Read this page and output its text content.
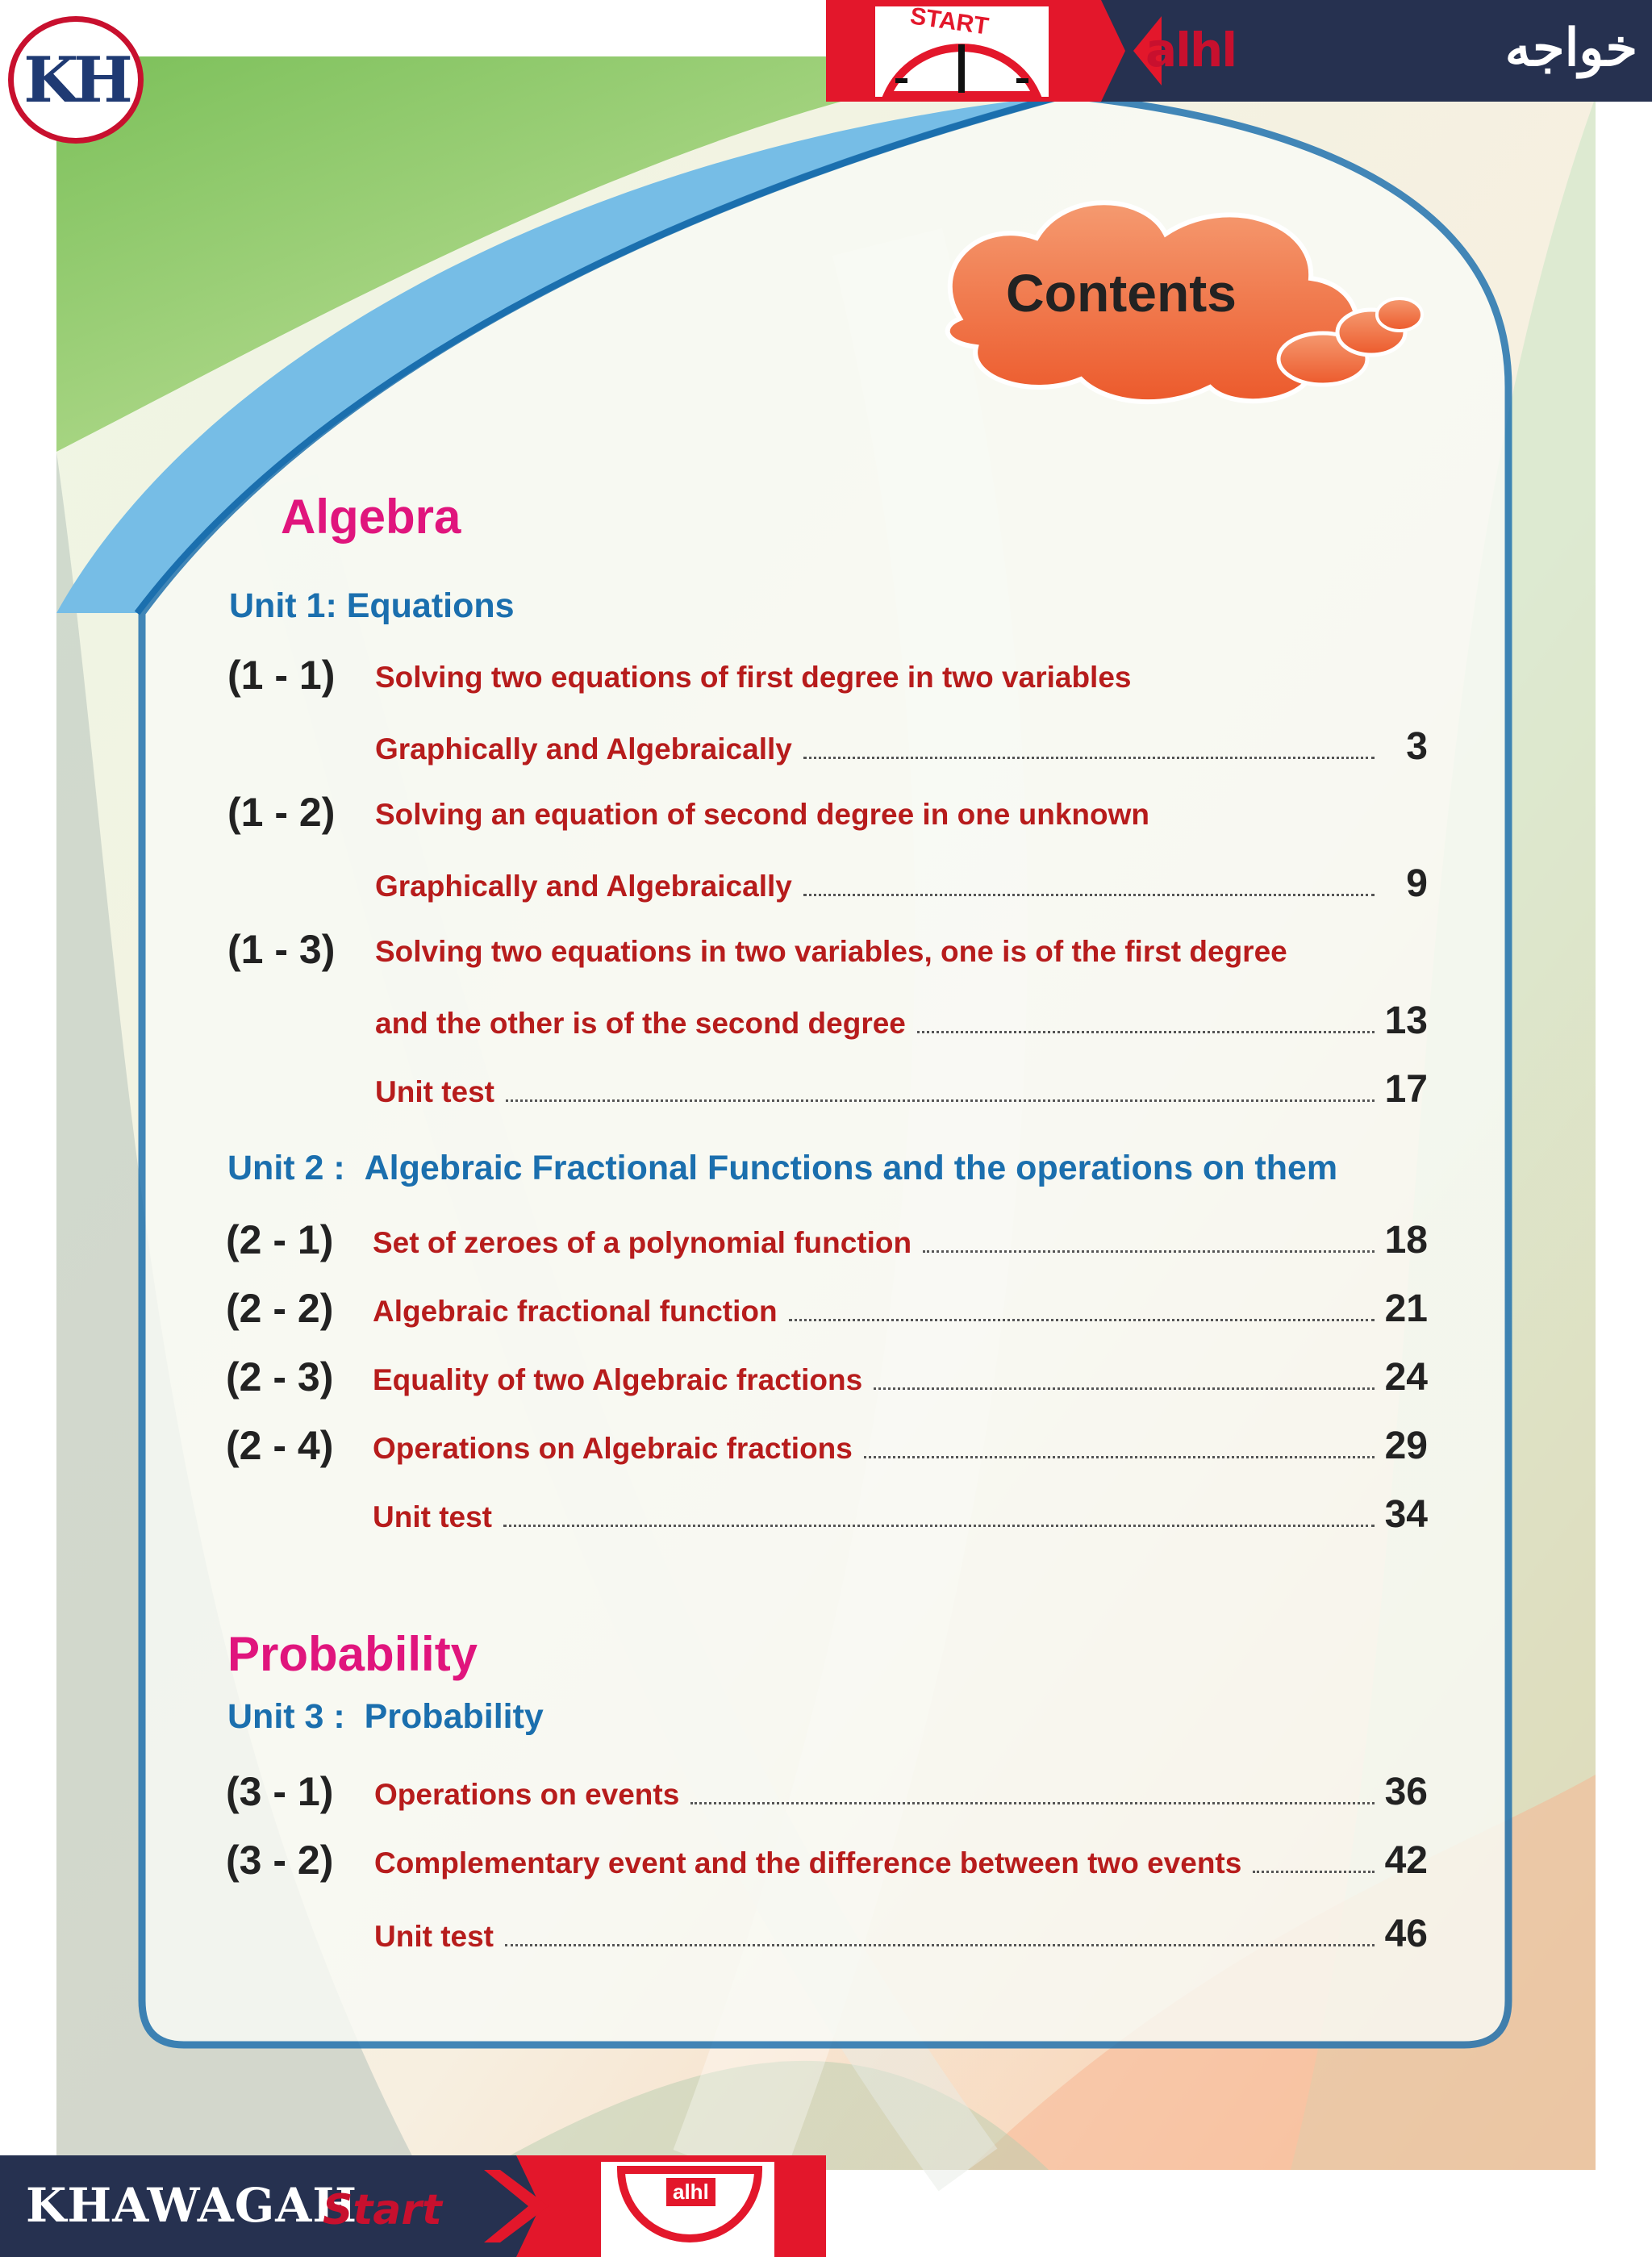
KH	alhl	خواجه
START
Contents
Algebra
Unit 1: Equations
(1 - 1) Solving two equations of first degree in two variables
Graphically and Algebraically	3
(1 - 2) Solving an equation of second degree in one unknown
Graphically and Algebraically	9
(1 - 3) Solving two equations in two variables, one is of the first degree
and the other is of the second degree	13
Unit test	17
Unit 2 : Algebraic Fractional Functions and the operations on them
(2 - 1) Set of zeroes of a polynomial function	18
(2 - 2) Algebraic fractional function	21
(2 - 3) Equality of two Algebraic fractions	24
(2 - 4) Operations on Algebraic fractions	29
Unit test	34
Probability
Unit 3 : Probability
(3 - 1) Operations on events	36
(3 - 2) Complementary event and the difference between two events	42
Unit test	46
KHAWAGAH
Start	alhl
